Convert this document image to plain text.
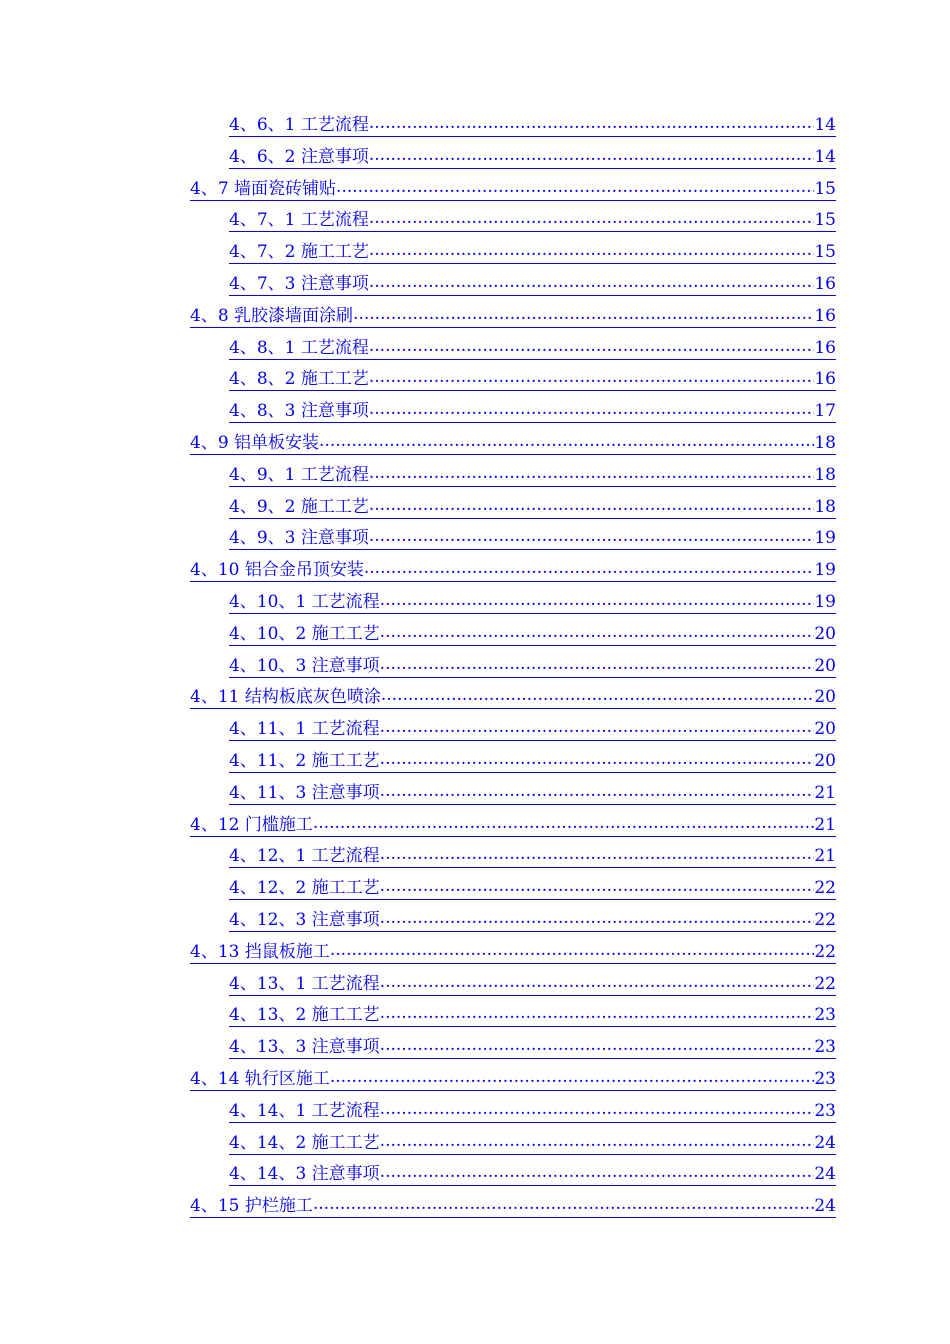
4、6、1 工艺流程 .....	14
4、6、2 注意事项 .....	14
4、7 墙面瓷砖铺贴 .....	15
4、7、1 工艺流程 .....	15
4、7、2 施工工艺 .....	15
4、7、3 注意事项 .....	16
4、8 乳胶漆墙面涂刷 .....	16
4、8、1 工艺流程 .....	16
4、8、2 施工工艺 .....	16
4、8、3 注意事项 .....	17
4、9 铝单板安装 .....	18
4、9、1 工艺流程 .....	18
4、9、2 施工工艺 .....	18
4、9、3 注意事项 .....	19
4、10 铝合金吊顶安装 .....	19
4、10、1 工艺流程 .....	19
4、10、2 施工工艺 .....	20
4、10、3 注意事项 .....	20
4、11 结构板底灰色喷涂 .....	20
4、11、1 工艺流程 .....	20
4、11、2 施工工艺 .....	20
4、11、3 注意事项 .....	21
4、12 门槛施工 .....	21
4、12、1 工艺流程 .....	21
4、12、2 施工工艺 .....	22
4、12、3 注意事项 .....	22
4、13 挡鼠板施工 .....	22
4、13、1 工艺流程 .....	22
4、13、2 施工工艺 .....	23
4、13、3 注意事项 .....	23
4、14 轨行区施工 .....	23
4、14、1 工艺流程 .....	23
4、14、2 施工工艺 .....	24
4、14、3 注意事项 .....	24
4、15 护栏施工 .....	24
